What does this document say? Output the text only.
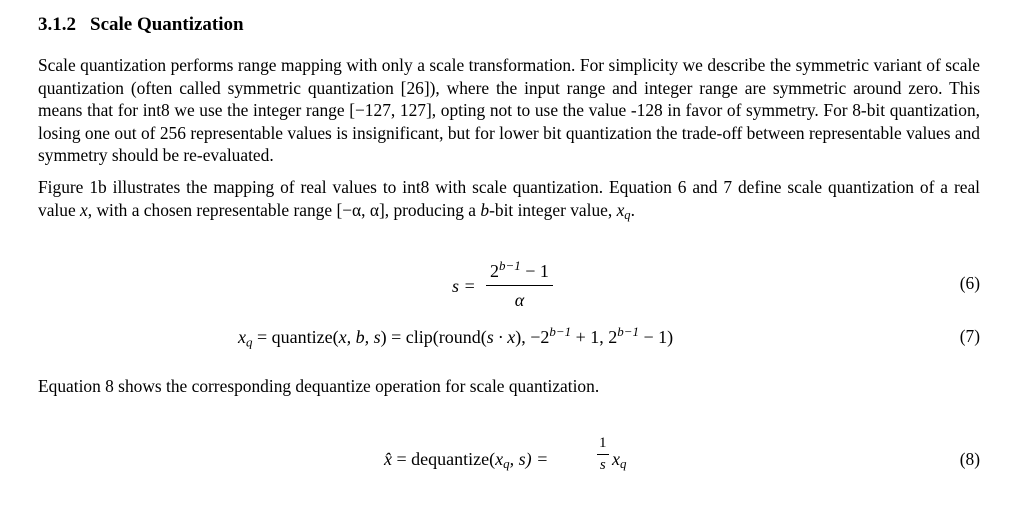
3.1.2 Scale Quantization

Scale quantization performs range mapping with only a scale transformation. For simplicity we describe the symmetric variant of scale quantization (often called symmetric quantization [26]), where the input range and integer range are symmetric around zero. This means that for int8 we use the integer range [−127, 127], opting not to use the value -128 in favor of symmetry. For 8-bit quantization, losing one out of 256 representable values is insignificant, but for lower bit quantization the trade-off between representable values and symmetry should be re-evaluated.

Figure 1b illustrates the mapping of real values to int8 with scale quantization. Equation 6 and 7 define scale quantization of a real value x, with a chosen representable range [−α, α], producing a b-bit integer value, $x_q$.

$s = \frac{2^{b-1} - 1}{\alpha}$	(6)
$x_q$ = quantize(x, b, s) = clip(round(s · x), $-2^{b-1} + 1$, $2^{b-1} - 1$)	(7)

Equation 8 shows the corresponding dequantize operation for scale quantization.

x̂ = $dequantize(x_q$, s) =	$\frac{1}{s} x_q$	(8)
